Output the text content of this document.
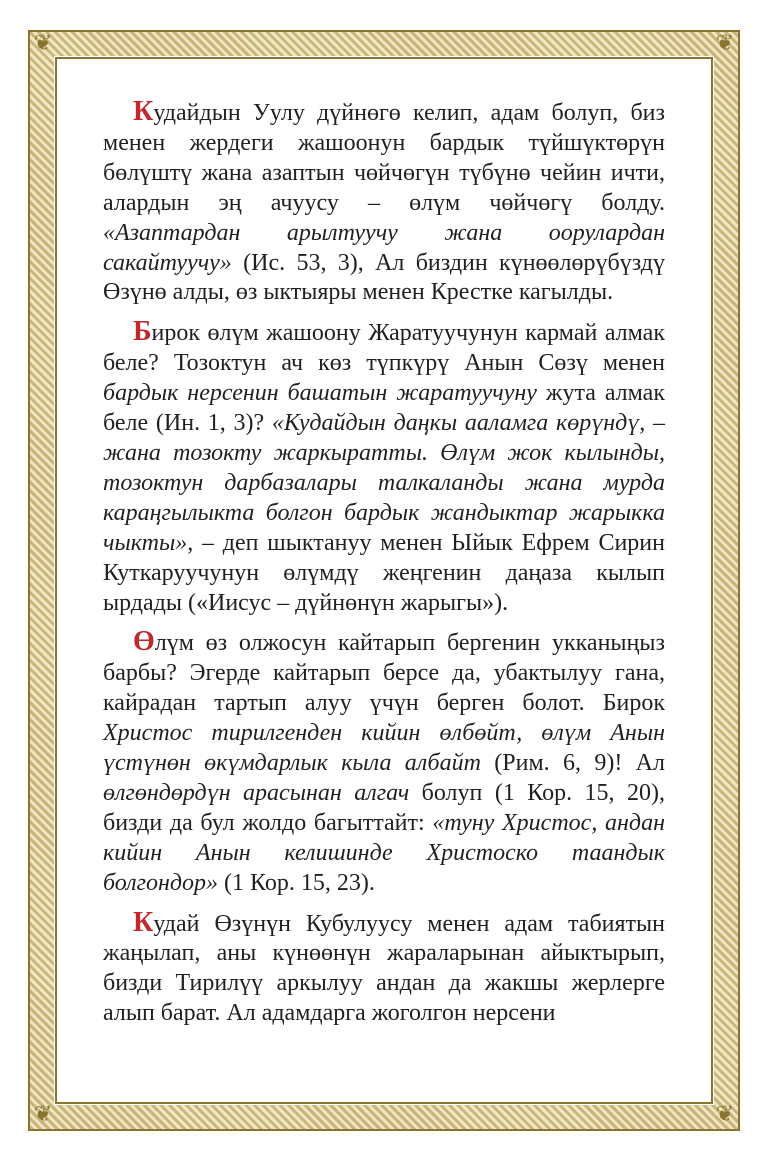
❦	❦
❦	❦

Кудайдын Уулу дүйнөгө келип, адам болуп, биз менен жердеги жашоонун бардык түйшүктөрүн бөлүштү жана азаптын чөйчөгүн түбүнө чейин ичти, алардын эң ачуусу – өлүм чөйчөгү болду. «Азаптардан арылтуучу жана оорулардан сакайтуучу» (Ис. 53, 3), Ал биздин күнөөлөрүбүздү Өзүнө алды, өз ыктыяры менен Крестке кагылды.

Бирок өлүм жашоону Жаратуучунун кармай алмак беле? Тозоктун ач көз түпкүрү Анын Сөзү менен бардык нерсенин башатын жаратуучуну жута алмак беле (Ин. 1, 3)? «Кудайдын даңкы ааламга көрүндү, – жана тозокту жаркыратты. Өлүм жок кылынды, тозоктун дарбазалары талкаланды жана мурда караңгылыкта болгон бардык жандыктар жарыкка чыкты», – деп шыктануу менен Ыйык Ефрем Сирин Куткаруучунун өлүмдү жеңгенин даңаза кылып ырдады («Иисус – дүйнөнүн жарыгы»).

Өлүм өз олжосун кайтарып бергенин укканыңыз барбы? Эгерде кайтарып берсе да, убактылуу гана, кайрадан тартып алуу үчүн берген болот. Бирок Христос тирилгенден кийин өлбөйт, өлүм Анын үстүнөн өкүмдарлык кыла албайт (Рим. 6, 9)! Ал өлгөндөрдүн арасынан алгач болуп (1 Кор. 15, 20), бизди да бул жолдо багыттайт: «туну Христос, андан кийин Анын келишинде Христоско таандык болгондор» (1 Кор. 15, 23).

Кудай Өзүнүн Кубулуусу менен адам табиятын жаңылап, аны күнөөнүн жараларынан айыктырып, бизди Тирилүү аркылуу андан да жакшы жерлерге алып барат. Ал адамдарга жоголгон нерсени
